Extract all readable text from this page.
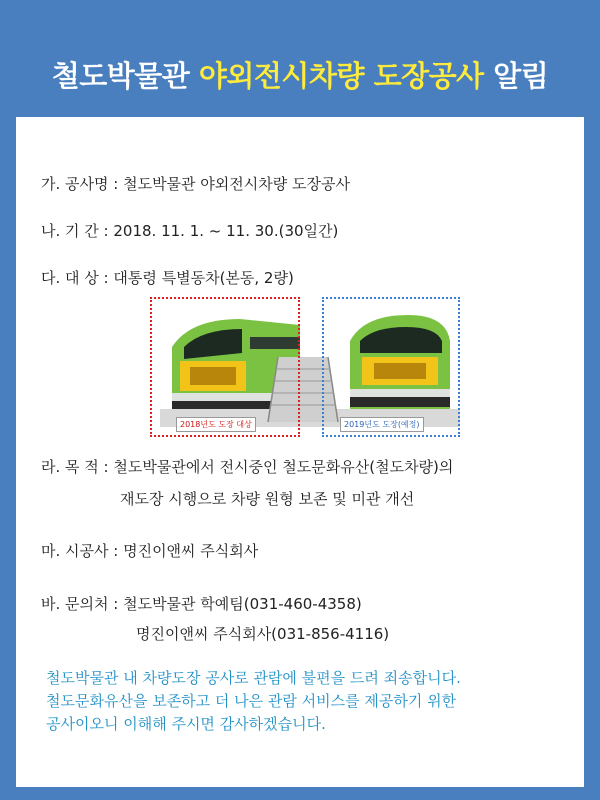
철도박물관 야외전시차량 도장공사 알림
가. 공사명 : 철도박물관 야외전시차량 도장공사
나. 기 간 : 2018. 11. 1. ~ 11. 30.(30일간)
다. 대 상 : 대통령 특별동차(본동, 2량)
2018년도 도장 대상	2019년도 도장(예정)
라. 목 적 : 철도박물관에서 전시중인 철도문화유산(철도차량)의
재도장 시행으로 차량 원형 보존 및 미관 개선
마. 시공사 : 명진이앤씨 주식회사
바. 문의처 : 철도박물관 학예팀(031-460-4358)
명진이앤씨 주식회사(031-856-4116)
철도박물관 내 차량도장 공사로 관람에 불편을 드려 죄송합니다.
철도문화유산을 보존하고 더 나은 관람 서비스를 제공하기 위한
공사이오니 이해해 주시면 감사하겠습니다.
